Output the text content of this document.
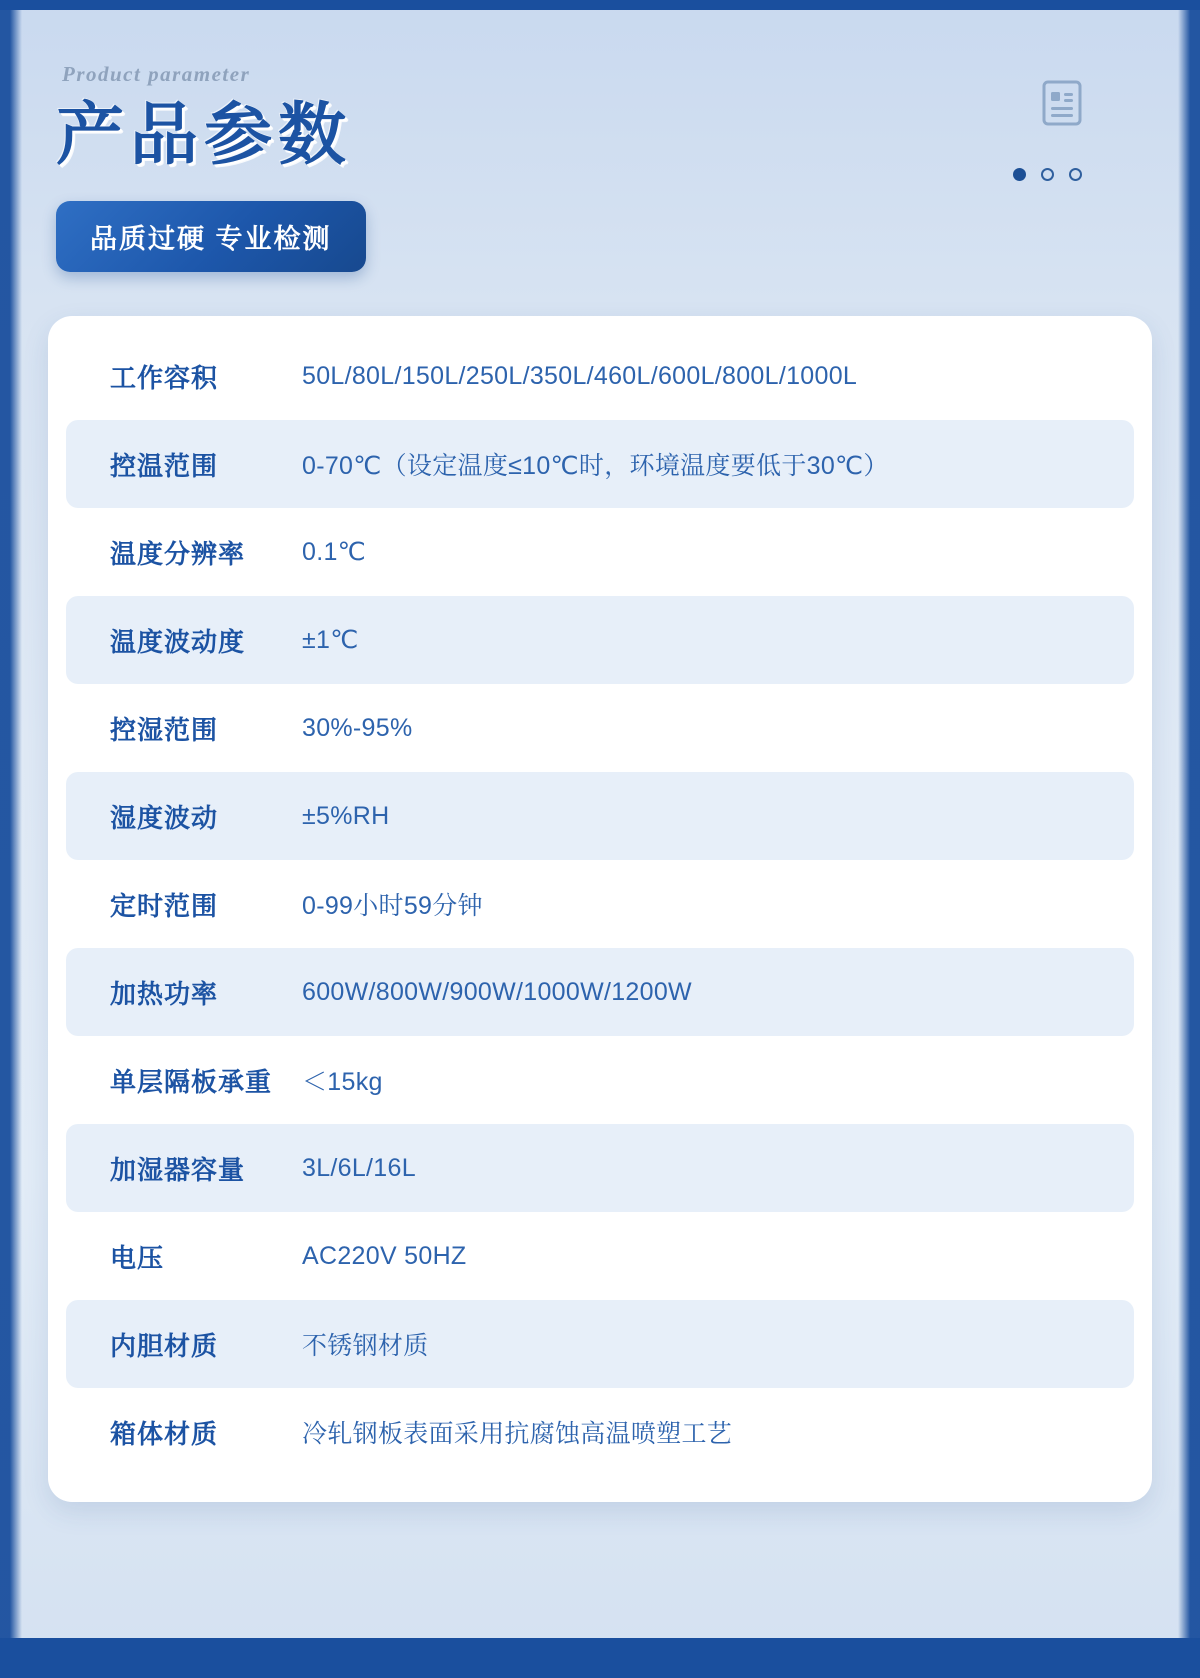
Product parameter
产品参数
品质过硬 专业检测
工作容积	50L/80L/150L/250L/350L/460L/600L/800L/1000L
控温范围	0-70℃（设定温度≤10℃时，环境温度要低于30℃）
温度分辨率	0.1℃
温度波动度	±1℃
控湿范围	30%-95%
湿度波动	±5%RH
定时范围	0-99小时59分钟
加热功率	600W/800W/900W/1000W/1200W
单层隔板承重	＜15kg
加湿器容量	3L/6L/16L
电压	AC220V 50HZ
内胆材质	不锈钢材质
箱体材质	冷轧钢板表面采用抗腐蚀高温喷塑工艺
